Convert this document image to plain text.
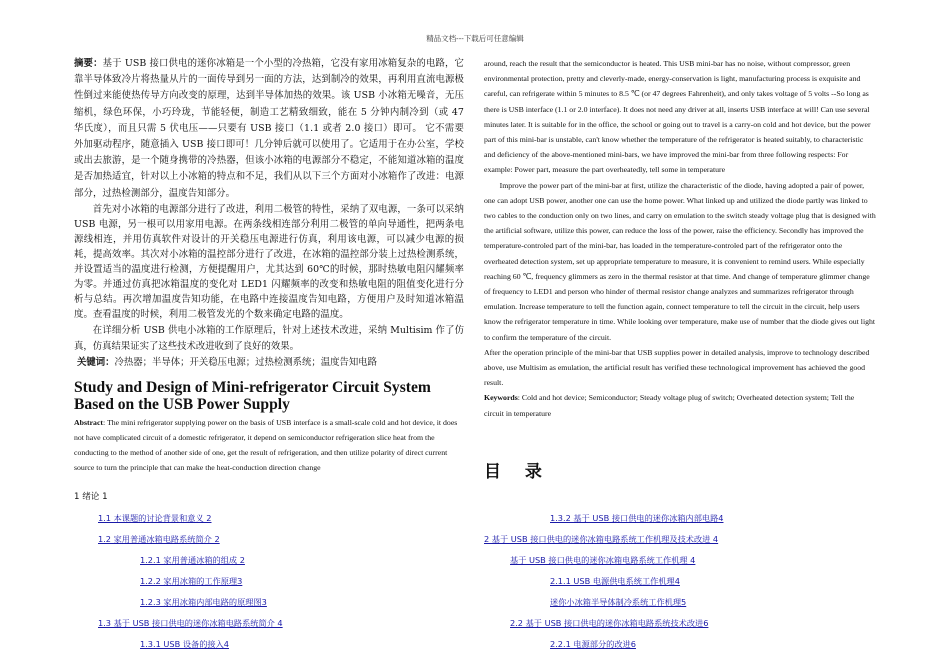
精品文档---下载后可任意编辑

摘要：基于 USB 接口供电的迷你冰箱是一个小型的冷热箱，它没有家用冰箱复杂的电路，它靠半导体致冷片将热量从片的一面传导到另一面的方法，达到制冷的效果，再利用直流电源极性倒过来能使热传导方向改变的原理，达到半导体加热的效果。该 USB 小冰箱无噪音，无压缩机，绿色环保，小巧玲珑，节能轻便，制造工艺精致细致，能在 5 分钟内制冷到（或 47 华氏度），而且只需 5 伏电压——只要有 USB 接口（1.1 或者 2.0 接口）即可。 它不需要外加驱动程序，随意插入 USB 接口即可！几分钟后就可以使用了。它适用于在办公室，学校或出去旅游，是一个随身携带的冷热器，但该小冰箱的电源部分不稳定，不能知道冰箱的温度是否加热适宜，针对以上小冰箱的特点和不足，我们从以下三个方面对小冰箱作了改进：电源部分，过热检测部分，温度告知部分。

首先对小冰箱的电源部分进行了改进，利用二极管的特性，采纳了双电源，一条可以采纳 USB 电源，另一根可以用家用电源。在两条线相连部分利用二极管的单向导通性，把两条电源线相连，并用仿真软件对设计的开关稳压电源进行仿真，利用该电源，可以减少电源的损耗，提高效率。其次对小冰箱的温控部分进行了改进，在冰箱的温控部分装上过热检测系统，并设置适当的温度进行检测，方便提醒用户，尤其达到 60℃的时候，那时热敏电阻闪耀频率为零。并通过仿真把冰箱温度的变化对 LED1 闪耀频率的改变和热敏电阻的阻值变化进行分析与总结。再次增加温度告知功能，在电路中连接温度告知电路，方便用户及时知道冰箱温度。查看温度的时候，利用二极管发光的个数来确定电路的温度。

在详细分析 USB 供电小冰箱的工作原理后，针对上述技术改进，采纳 Multisim 作了仿真，仿真结果证实了这些技术改进收到了良好的效果。

关键词：冷热器；半导体；开关稳压电源；过热检测系统；温度告知电路

Study and Design of Mini-refrigerator Circuit System Based on the USB Power Supply

Abstract: The mini refrigerator supplying power on the basis of USB interface is a small-scale cold and hot device, it does not have complicated circuit of a domestic refrigerator, it depend on semiconductor refrigeration slice heat from the conducting to the method of another side of one, get the result of refrigeration, and then utilize polarity of direct current source to turn the principle that can make the heat-conduction direction change

around, reach the result that the semiconductor is heated. This USB mini-bar has no noise, without compressor, green environmental protection, pretty and cleverly-made, energy-conservation is light, manufacturing process is exquisite and careful, can refrigerate within 5 minutes to 8.5 ℃ (or 47 degrees Fahrenheit), and only takes voltage of 5 volts --So long as there is USB interface (1.1 or 2.0 interface). It does not need any driver at all, inserts USB interface at will! Can use several minutes later. It is suitable for in the office, the school or going out to travel is a carry-on cold and hot device, but the power part of this mini-bar is unstable, can't know whether the temperature of the refrigerator is heated suitably, to characteristic and deficiency of the above-mentioned mini-bars, we have improved the mini-bar from three following respects: For example: Power part, measure the part overheatedly, tell some in temperature

Improve the power part of the mini-bar at first, utilize the characteristic of the diode, having adopted a pair of power, one can adopt USB power, another one can use the home power. What linked up and utilized the diode partly was linked to two cables to the conduction only on two lines, and carry on emulation to the switch steady voltage plug that is designed with the artificial software, utilize this power, can reduce the loss of the power, raise the efficiency. Secondly has improved the temperature-controled part of the mini-bar, has loaded in the temperature-controled part of the refrigerator onto the overheated detection system, set up appropriate temperature to measure, it is convenient to remind users. While especially reaching 60 ℃, frequency glimmers as zero in the thermal resistor at that time. And change of temperature glimmer change of frequency to LED1 and person who hinder of thermal resistor change analyzes and summarizes refrigerator through emulation. Increase temperature to tell the function again, connect temperature to tell the circuit in the circuit, help users know the refrigerator temperature in time. While looking over temperature, make use of number that the diode gives out light to confirm the temperature of the circuit.

After the operation principle of the mini-bar that USB supplies power in detailed analysis, improve to technology described above, use Multisim as emulation, the artificial result has verified these technological improvement has achieved the good result.

Keywords: Cold and hot device; Semiconductor; Steady voltage plug of switch; Overheated detection system; Tell the circuit in temperature

目 录
1 绪论 1
1.1 本课题的讨论背景和意义 2
1.2 家用普通冰箱电路系统简介 2
1.2.1 家用普通冰箱的组成 2
1.2.2 家用冰箱的工作原理3
1.2.3 家用冰箱内部电路的原理图3
1.3 基于 USB 接口供电的迷你冰箱电路系统简介 4
1.3.1 USB 设备的接入4
1.3.2 基于 USB 接口供电的迷你冰箱内部电路4
2 基于 USB 接口供电的迷你冰箱电路系统工作机理及技术改进 4
基于 USB 接口供电的迷你冰箱电路系统工作机理 4
2.1.1 USB 电源供电系统工作机理4
迷你小冰箱半导体制冷系统工作机理5
2.2 基于 USB 接口供电的迷你冰箱电路系统技术改进6
2.2.1 电源部分的改进6
